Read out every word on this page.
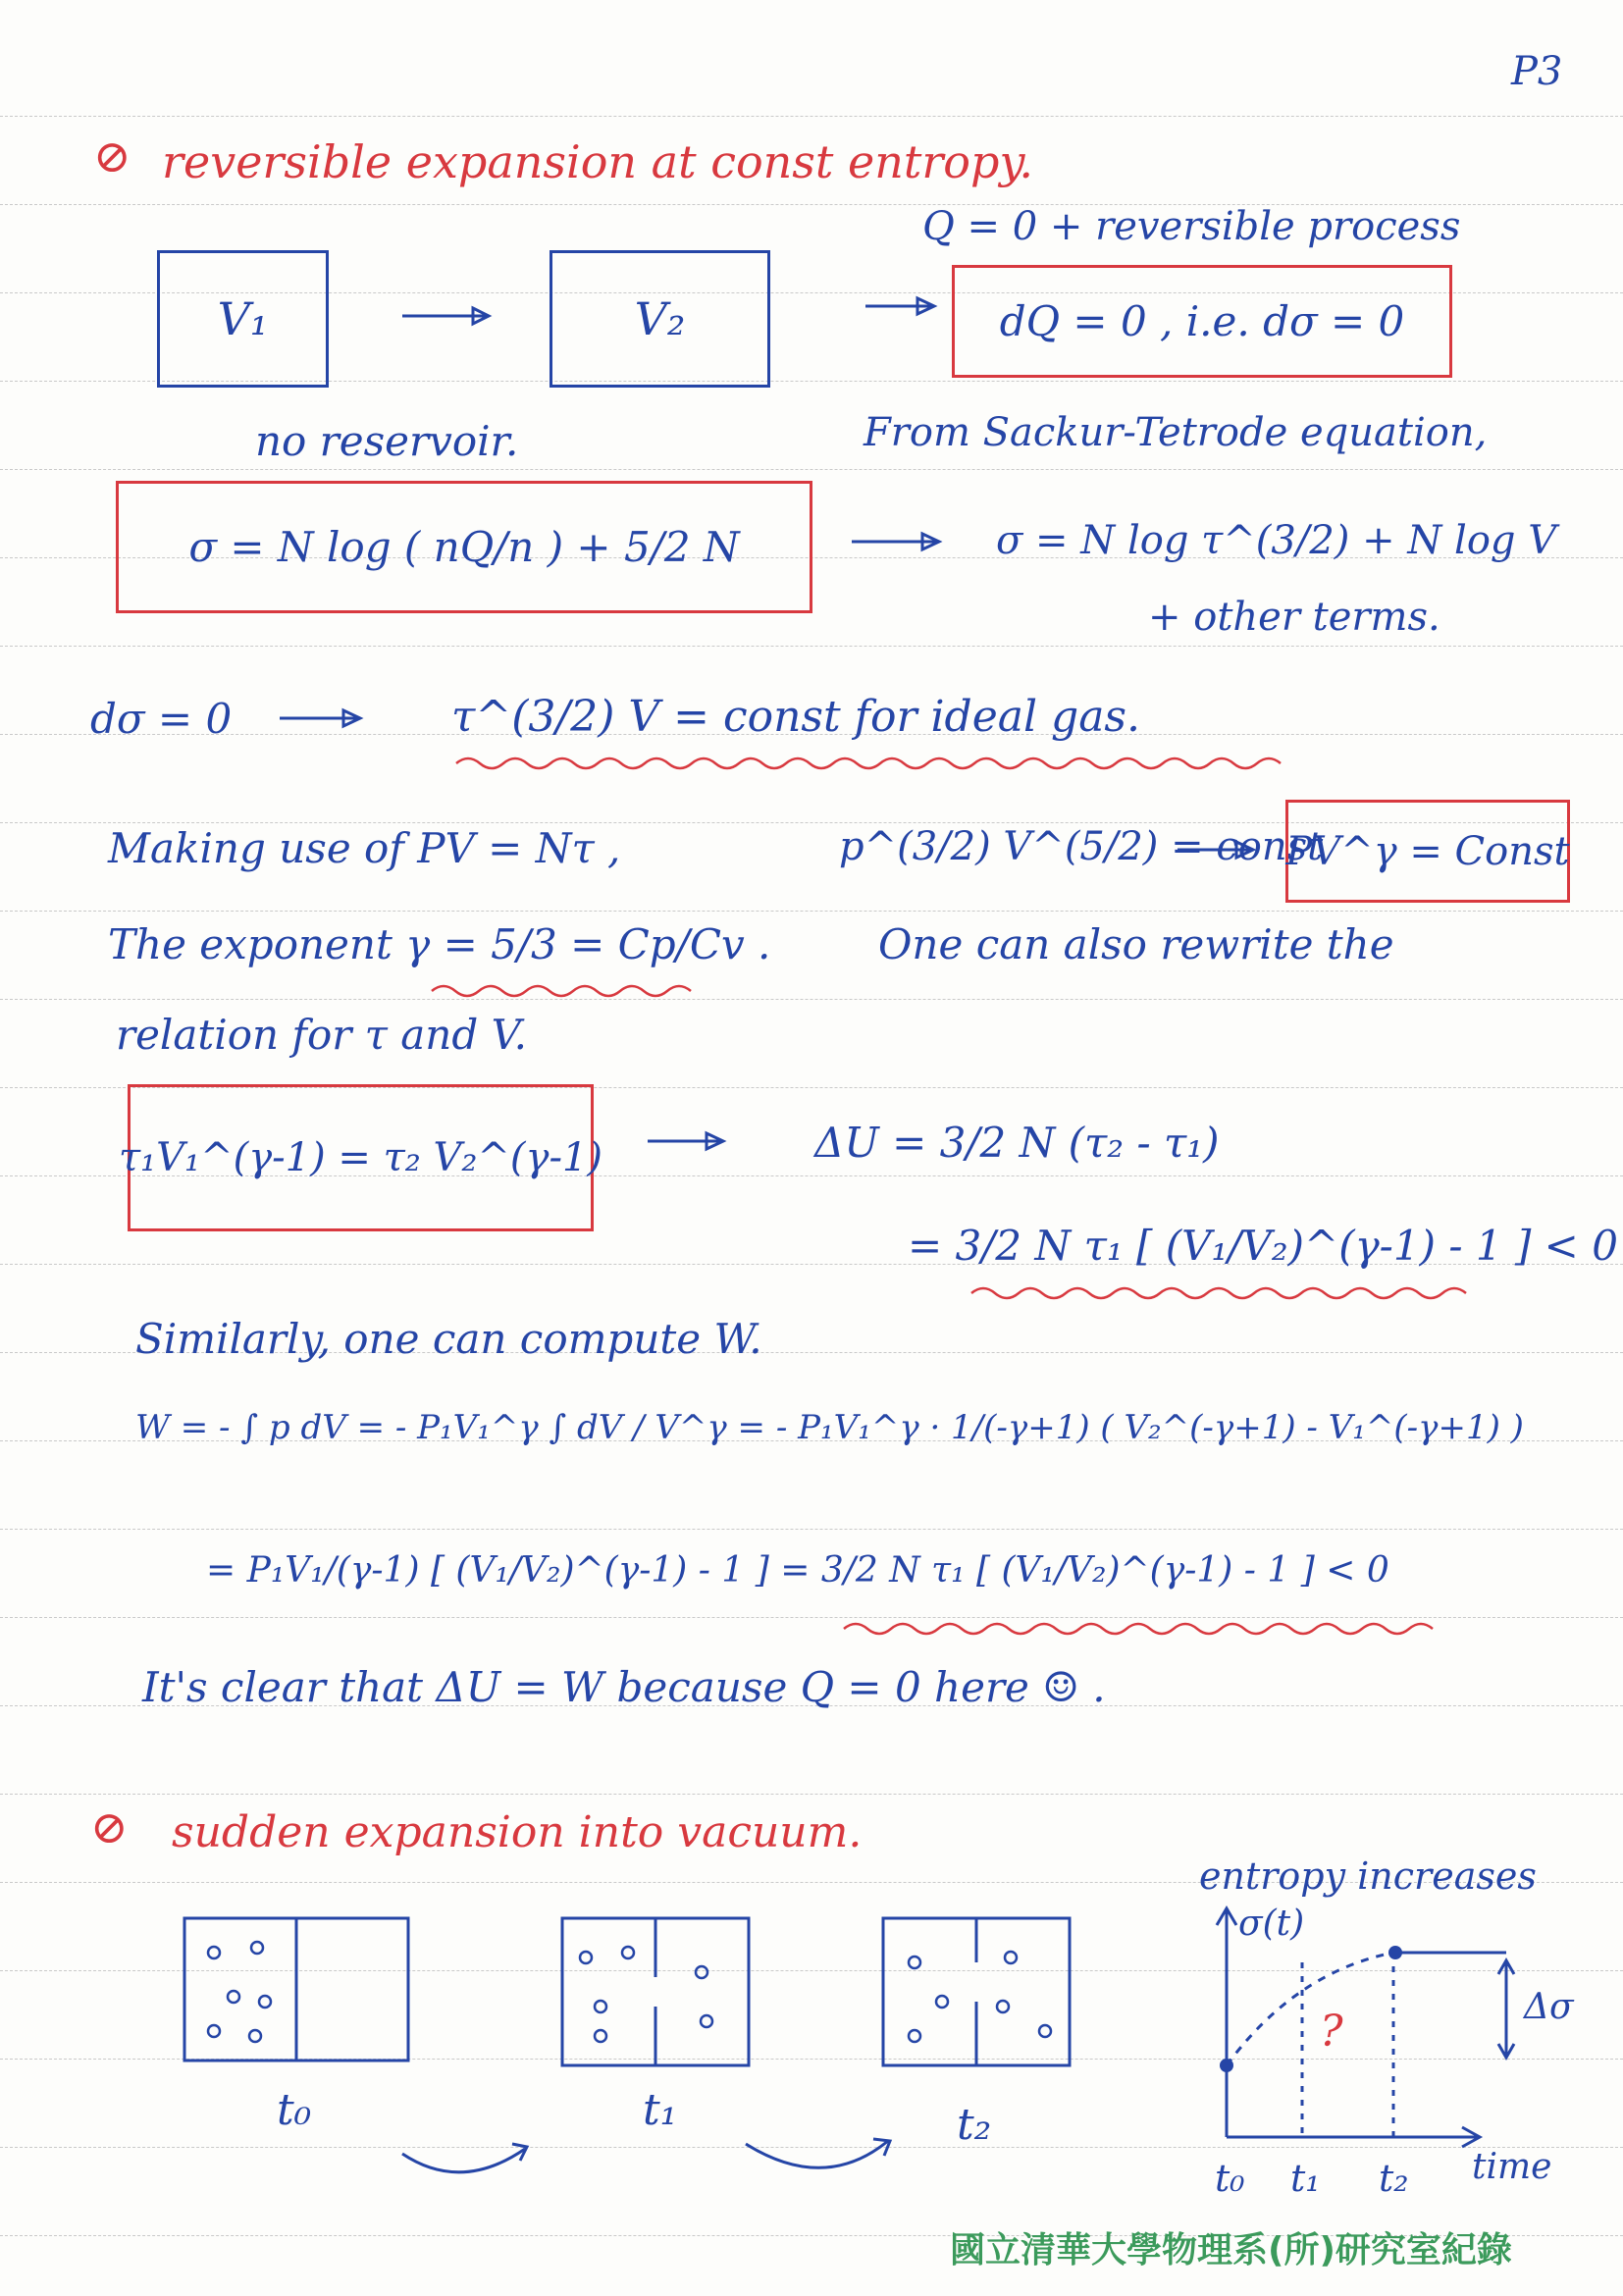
P3
⊘ reversible expansion at const entropy.
Q = 0 + reversible process
V₁	V₂	dQ = 0 , i.e. dσ = 0
no reservoir.	From Sackur-Tetrode equation,
σ = N log ( nQ/n ) + 5/2 N	σ = N log τ^(3/2) + N log V
+ other terms.
dσ = 0	τ^(3/2) V = const for ideal gas.
Making use of PV = Nτ ,	p^(3/2) V^(5/2) = const
PV^γ = Const
The exponent γ = 5/3 = Cp/Cv .	One can also rewrite the
relation for τ and V.
τ₁V₁^(γ-1) = τ₂ V₂^(γ-1)	ΔU = 3/2 N (τ₂ - τ₁)
= 3/2 N τ₁ [ (V₁/V₂)^(γ-1) - 1 ] < 0
Similarly, one can compute W.
W = - ∫ p dV = - P₁V₁^γ ∫ dV / V^γ = - P₁V₁^γ · 1/(-γ+1) ( V₂^(-γ+1) - V₁^(-γ+1) )
= P₁V₁/(γ-1) [ (V₁/V₂)^(γ-1) - 1 ] = 3/2 N τ₁ [ (V₁/V₂)^(γ-1) - 1 ] < 0
It's clear that ΔU = W because Q = 0 here ☺ .
⊘ sudden expansion into vacuum.
entropy increases
t₀	t₁	t₂
σ(t)
Δσ
?
t₀ t₁ t₂ time
國立清華大學物理系(所)研究室紀錄
